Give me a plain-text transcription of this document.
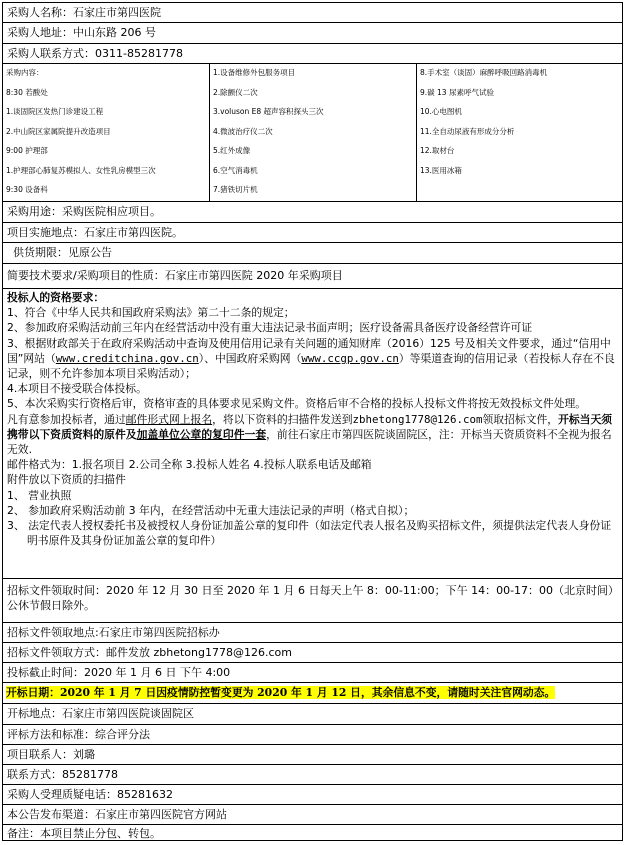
采购人名称：石家庄市第四医院
采购人地址：中山东路 206 号
采购人联系方式：0311-85281778
采购内容：
8:30 若酸处
1.谈固院区发热门诊建设工程
2.中山院区家属院提升改造项目
9:00 护理部
1.护理部心肺复苏模拟人、女性乳房模型三次
9:30 设备科
1.设备维修外包服务项目
2.除颤仪二次
3.voluson E8 超声容积探头三次
4.微波治疗仪二次
5.红外成像
6.空气消毒机
7.猪铁切片机
8.手术室（谈固）麻醉呼吸回路消毒机
9.碳 13 尿素呼气试验
10.心电图机
11.全自动尿液有形成分分析
12.取材台
13.医用冰箱
采购用途：采购医院相应项目。
项目实施地点：石家庄市第四医院。
供货期限：见原公告
简要技术要求/采购项目的性质：石家庄市第四医院 2020 年采购项目

投标人的资格要求：

1、符合《中华人民共和国政府采购法》第二十二条的规定；

2、参加政府采购活动前三年内在经营活动中没有重大违法记录书面声明；医疗设备需具备医疗设备经营许可证

3、根据财政部关于在政府采购活动中查询及使用信用记录有关问题的通知财库（2016）125 号及相关文件要求，通过“信用中国”网站（www.creditchina.gov.cn）、中国政府采购网（www.ccgp.gov.cn）等渠道查询的信用记录（若投标人存在不良记录，则不允许参加本项目采购活动）；

4.本项目不接受联合体投标。

5、本次采购实行资格后审，资格审查的具体要求见采购文件。资格后审不合格的投标人投标文件将按无效投标文件处理。

凡有意参加投标者，通过邮件形式网上报名，将以下资料的扫描件发送到zbhetong1778@126.com领取招标文件，开标当天须携带以下资质资料的原件及加盖单位公章的复印件一套，前往石家庄市第四医院谈固院区，注：开标当天资质资料不全视为报名无效.

邮件格式为：1.报名项目 2.公司全称 3.投标人姓名 4.投标人联系电话及邮箱

附件放以下资质的扫描件

1、 营业执照

2、 参加政府采购活动前 3 年内，在经营活动中无重大违法记录的声明（格式自拟）；

3、 法定代表人授权委托书及被授权人身份证加盖公章的复印件（如法定代表人报名及购买招标文件，须提供法定代表人身份证明书原件及其身份证加盖公章的复印件）

招标文件领取时间：2020 年 12 月 30 日至 2020 年 1 月 6 日每天上午 8：00-11:00；下午 14：00-17：00（北京时间）公休节假日除外。
招标文件领取地点:石家庄市第四医院招标办
招标文件领取方式：邮件发放 zbhetong1778@126.com
投标截止时间：2020 年 1 月 6 日 下午 4:00
开标日期：2020 年 1 月 7 日因疫情防控暂变更为 2020 年 1 月 12 日，其余信息不变，请随时关注官网动态。
开标地点：石家庄市第四医院谈固院区
评标方法和标准：综合评分法
项目联系人：刘璐
联系方式：85281778
采购人受理质疑电话：85281632
本公告发布渠道：石家庄市第四医院官方网站
备注：本项目禁止分包、转包。
